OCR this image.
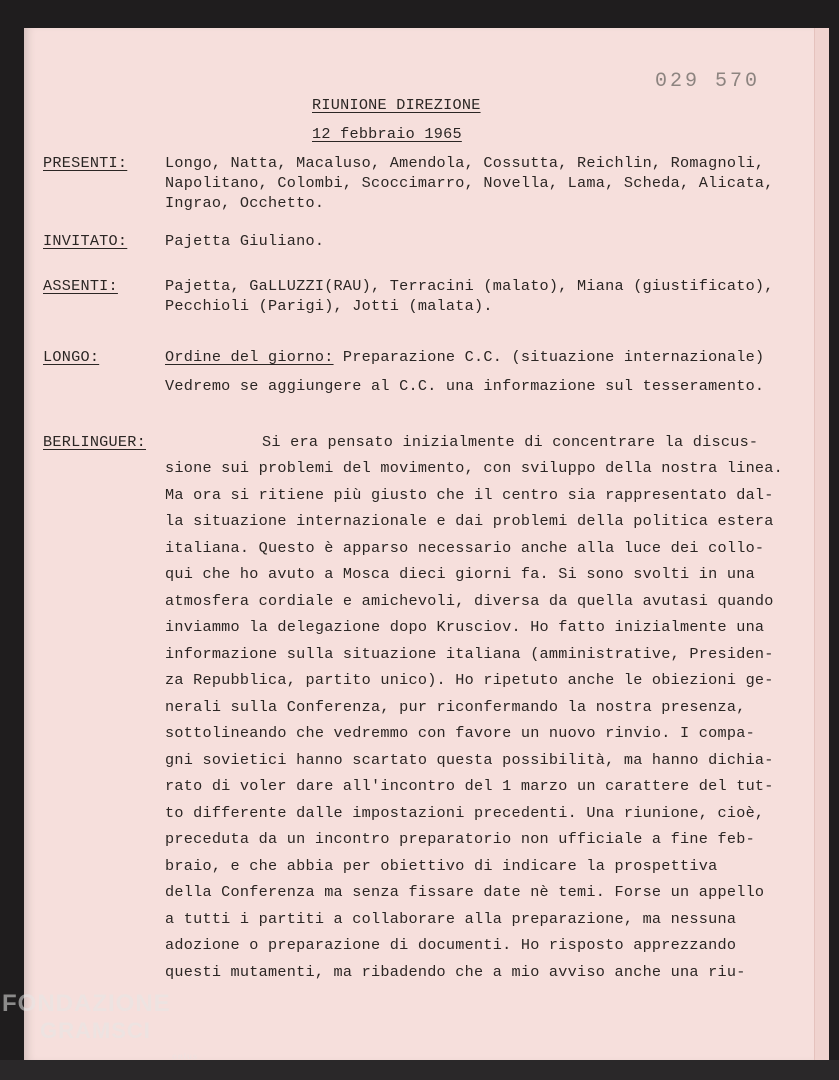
029 570
RIUNIONE DIREZIONE
12 febbraio 1965
PRESENTI: Longo, Natta, Macaluso, Amendola, Cossutta, Reichlin, Romagnoli,
Napolitano, Colombi, Scoccimarro, Novella, Lama, Scheda, Alicata,
Ingrao, Occhetto.
INVITATO: Pajetta Giuliano.
ASSENTI:	Pajetta, GaLLUZZI(RAU), Terracini (malato), Miana (giustificato),
Pecchioli (Parigi), Jotti (malata).
LONGO:	Ordine del giorno: Preparazione C.C. (situazione internazionale)
Vedremo se aggiungere al C.C. una informazione sul tesseramento.
BERLINGUER:	Si era pensato inizialmente di concentrare la discus-
sione sui problemi del movimento, con sviluppo della nostra linea.
Ma ora si ritiene più giusto che il centro sia rappresentato dal-
la situazione internazionale e dai problemi della politica estera
italiana. Questo è apparso necessario anche alla luce dei collo-
qui che ho avuto a Mosca dieci giorni fa. Si sono svolti in una
atmosfera cordiale e amichevoli, diversa da quella avutasi quando
inviammo la delegazione dopo Krusciov. Ho fatto inizialmente una
informazione sulla situazione italiana (amministrative, Presiden-
za Repubblica, partito unico). Ho ripetuto anche le obiezioni ge-
nerali sulla Conferenza, pur riconfermando la nostra presenza,
sottolineando che vedremmo con favore un nuovo rinvio. I compa-
gni sovietici hanno scartato questa possibilità, ma hanno dichia-
rato di voler dare all'incontro del 1 marzo un carattere del tut-
to differente dalle impostazioni precedenti. Una riunione, cioè,
preceduta da un incontro preparatorio non ufficiale a fine feb-
braio, e che abbia per obiettivo di indicare la prospettiva
della Conferenza ma senza fissare date nè temi. Forse un appello
a tutti i partiti a collaborare alla preparazione, ma nessuna
adozione o preparazione di documenti. Ho risposto apprezzando
questi mutamenti, ma ribadendo che a mio avviso anche una riu-
FONDAZIONE
GRAMSCI
onlus
